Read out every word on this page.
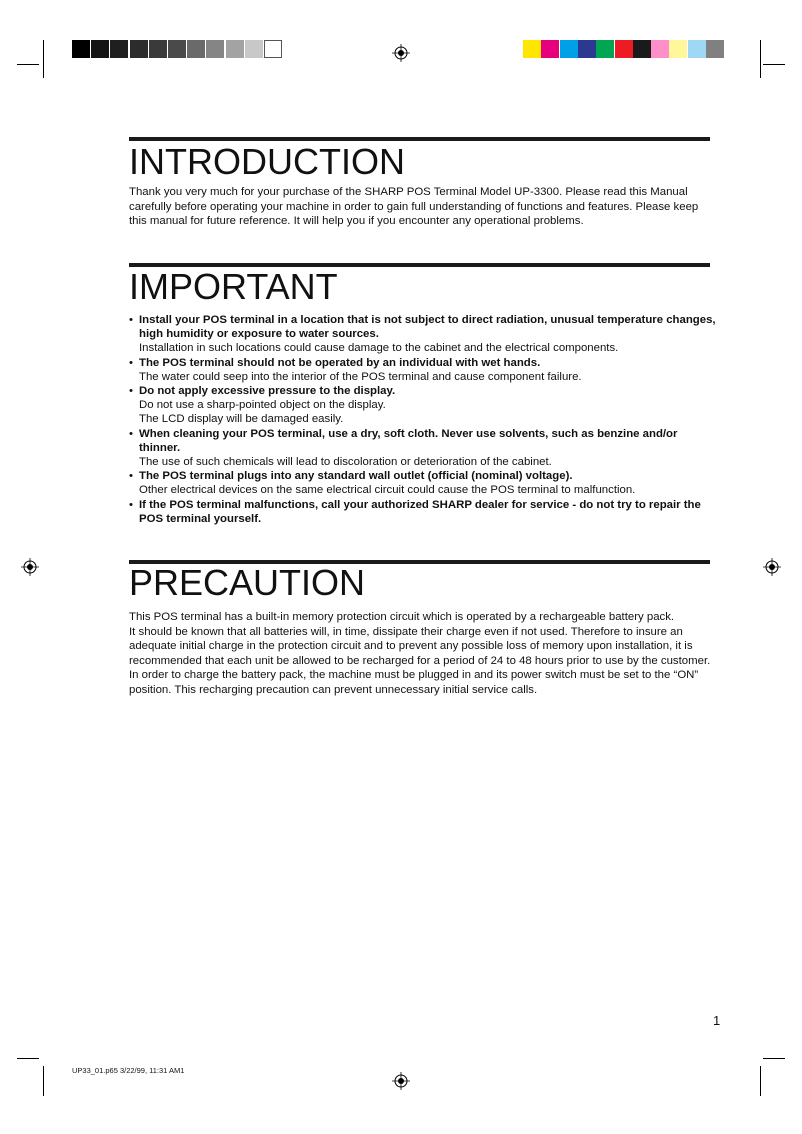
INTRODUCTION

Thank you very much for your purchase of the SHARP POS Terminal Model UP-3300. Please read this Manual carefully before operating your machine in order to gain full understanding of functions and features. Please keep this manual for future reference. It will help you if you encounter any operational problems.

IMPORTANT
• Install your POS terminal in a location that is not subject to direct radiation, unusual temperature changes, high humidity or exposure to water sources.
Installation in such locations could cause damage to the cabinet and the electrical components.
• The POS terminal should not be operated by an individual with wet hands.
The water could seep into the interior of the POS terminal and cause component failure.
• Do not apply excessive pressure to the display.
Do not use a sharp-pointed object on the display.
The LCD display will be damaged easily.
• When cleaning your POS terminal, use a dry, soft cloth. Never use solvents, such as benzine and/or thinner.
The use of such chemicals will lead to discoloration or deterioration of the cabinet.
• The POS terminal plugs into any standard wall outlet (official (nominal) voltage).
Other electrical devices on the same electrical circuit could cause the POS terminal to malfunction.
• If the POS terminal malfunctions, call your authorized SHARP dealer for service - do not try to repair the POS terminal yourself.
PRECAUTION

This POS terminal has a built-in memory protection circuit which is operated by a rechargeable battery pack.

It should be known that all batteries will, in time, dissipate their charge even if not used. Therefore to insure an adequate initial charge in the protection circuit and to prevent any possible loss of memory upon installation, it is recommended that each unit be allowed to be recharged for a period of 24 to 48 hours prior to use by the customer.

In order to charge the battery pack, the machine must be plugged in and its power switch must be set to the “ON” position. This recharging precaution can prevent unnecessary initial service calls.

1
UP33_01.p65 3/22/99, 11:31 AM1
